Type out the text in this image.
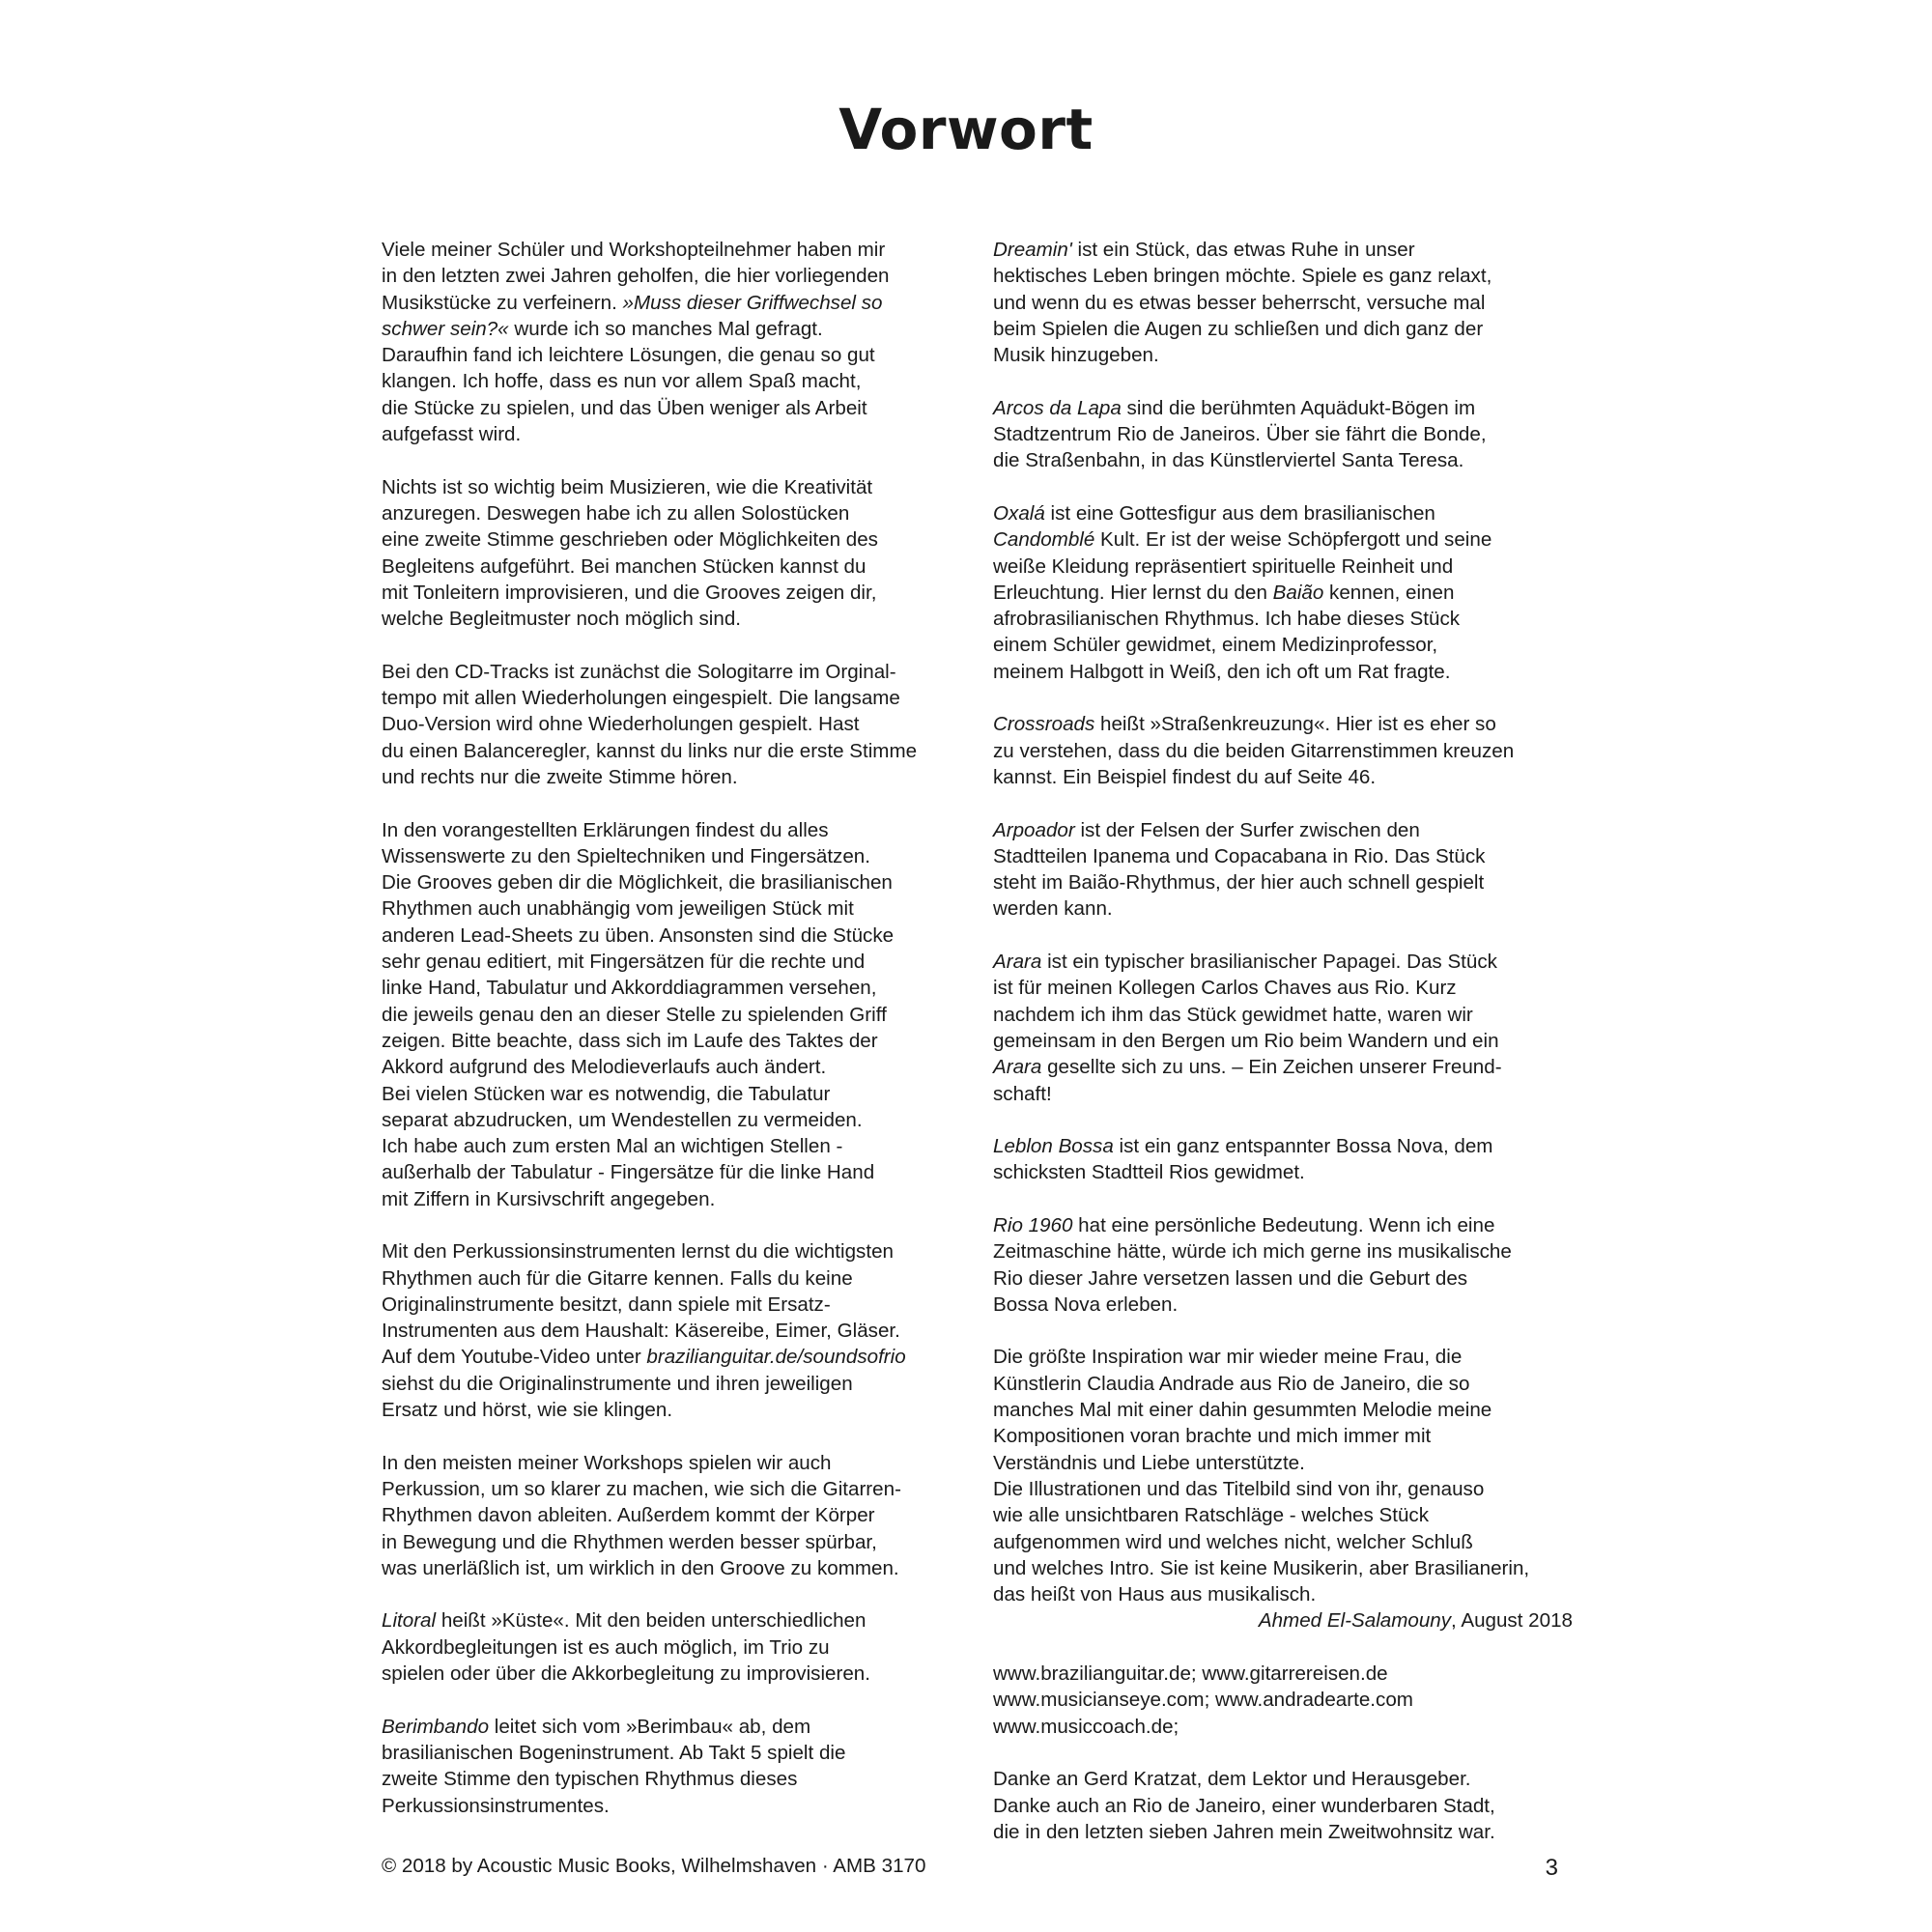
Vorwort

Viele meiner Schüler und Workshopteilnehmer haben mir
in den letzten zwei Jahren geholfen, die hier vorliegenden
Musikstücke zu verfeinern. »Muss dieser Griffwechsel so
schwer sein?« wurde ich so manches Mal gefragt.
Daraufhin fand ich leichtere Lösungen, die genau so gut
klangen. Ich hoffe, dass es nun vor allem Spaß macht,
die Stücke zu spielen, und das Üben weniger als Arbeit
aufgefasst wird.

Nichts ist so wichtig beim Musizieren, wie die Kreativität
anzuregen. Deswegen habe ich zu allen Solostücken
eine zweite Stimme geschrieben oder Möglichkeiten des
Begleitens aufgeführt. Bei manchen Stücken kannst du
mit Tonleitern improvisieren, und die Grooves zeigen dir,
welche Begleitmuster noch möglich sind.

Bei den CD-Tracks ist zunächst die Sologitarre im Orginal-
tempo mit allen Wiederholungen eingespielt. Die langsame
Duo-Version wird ohne Wiederholungen gespielt. Hast
du einen Balanceregler, kannst du links nur die erste Stimme
und rechts nur die zweite Stimme hören.

In den vorangestellten Erklärungen findest du alles
Wissenswerte zu den Spieltechniken und Fingersätzen.
Die Grooves geben dir die Möglichkeit, die brasilianischen
Rhythmen auch unabhängig vom jeweiligen Stück mit
anderen Lead-Sheets zu üben. Ansonsten sind die Stücke
sehr genau editiert, mit Fingersätzen für die rechte und
linke Hand, Tabulatur und Akkorddiagrammen versehen,
die jeweils genau den an dieser Stelle zu spielenden Griff
zeigen. Bitte beachte, dass sich im Laufe des Taktes der
Akkord aufgrund des Melodieverlaufs auch ändert.
Bei vielen Stücken war es notwendig, die Tabulatur
separat abzudrucken, um Wendestellen zu vermeiden.
Ich habe auch zum ersten Mal an wichtigen Stellen -
außerhalb der Tabulatur - Fingersätze für die linke Hand
mit Ziffern in Kursivschrift angegeben.

Mit den Perkussionsinstrumenten lernst du die wichtigsten
Rhythmen auch für die Gitarre kennen. Falls du keine
Originalinstrumente besitzt, dann spiele mit Ersatz-
Instrumenten aus dem Haushalt: Käsereibe, Eimer, Gläser.
Auf dem Youtube-Video unter brazilianguitar.de/soundsofrio
siehst du die Originalinstrumente und ihren jeweiligen
Ersatz und hörst, wie sie klingen.

In den meisten meiner Workshops spielen wir auch
Perkussion, um so klarer zu machen, wie sich die Gitarren-
Rhythmen davon ableiten. Außerdem kommt der Körper
in Bewegung und die Rhythmen werden besser spürbar,
was unerläßlich ist, um wirklich in den Groove zu kommen.

Litoral heißt »Küste«. Mit den beiden unterschiedlichen
Akkordbegleitungen ist es auch möglich, im Trio zu
spielen oder über die Akkorbegleitung zu improvisieren.

Berimbando leitet sich vom »Berimbau« ab, dem
brasilianischen Bogeninstrument. Ab Takt 5 spielt die
zweite Stimme den typischen Rhythmus dieses
Perkussionsinstrumentes.

Dreamin' ist ein Stück, das etwas Ruhe in unser
hektisches Leben bringen möchte. Spiele es ganz relaxt,
und wenn du es etwas besser beherrscht, versuche mal
beim Spielen die Augen zu schließen und dich ganz der
Musik hinzugeben.

Arcos da Lapa sind die berühmten Aquädukt-Bögen im
Stadtzentrum Rio de Janeiros. Über sie fährt die Bonde,
die Straßenbahn, in das Künstlerviertel Santa Teresa.

Oxalá ist eine Gottesfigur aus dem brasilianischen
Candomblé Kult. Er ist der weise Schöpfergott und seine
weiße Kleidung repräsentiert spirituelle Reinheit und
Erleuchtung. Hier lernst du den Baião kennen, einen
afrobrasilianischen Rhythmus. Ich habe dieses Stück
einem Schüler gewidmet, einem Medizinprofessor,
meinem Halbgott in Weiß, den ich oft um Rat fragte.

Crossroads heißt »Straßenkreuzung«. Hier ist es eher so
zu verstehen, dass du die beiden Gitarrenstimmen kreuzen
kannst. Ein Beispiel findest du auf Seite 46.

Arpoador ist der Felsen der Surfer zwischen den
Stadtteilen Ipanema und Copacabana in Rio. Das Stück
steht im Baião-Rhythmus, der hier auch schnell gespielt
werden kann.

Arara ist ein typischer brasilianischer Papagei. Das Stück
ist für meinen Kollegen Carlos Chaves aus Rio. Kurz
nachdem ich ihm das Stück gewidmet hatte, waren wir
gemeinsam in den Bergen um Rio beim Wandern und ein
Arara gesellte sich zu uns. – Ein Zeichen unserer Freund-
schaft!

Leblon Bossa ist ein ganz entspannter Bossa Nova, dem
schicksten Stadtteil Rios gewidmet.

Rio 1960 hat eine persönliche Bedeutung. Wenn ich eine
Zeitmaschine hätte, würde ich mich gerne ins musikalische
Rio dieser Jahre versetzen lassen und die Geburt des
Bossa Nova erleben.

Die größte Inspiration war mir wieder meine Frau, die
Künstlerin Claudia Andrade aus Rio de Janeiro, die so
manches Mal mit einer dahin gesummten Melodie meine
Kompositionen voran brachte und mich immer mit
Verständnis und Liebe unterstützte.
Die Illustrationen und das Titelbild sind von ihr, genauso
wie alle unsichtbaren Ratschläge - welches Stück
aufgenommen wird und welches nicht, welcher Schluß
und welches Intro. Sie ist keine Musikerin, aber Brasilianerin,
das heißt von Haus aus musikalisch.

Ahmed El-Salamouny, August 2018

www.brazilianguitar.de; www.gitarrereisen.de
www.musicianseye.com; www.andradearte.com
www.musiccoach.de;

Danke an Gerd Kratzat, dem Lektor und Herausgeber.
Danke auch an Rio de Janeiro, einer wunderbaren Stadt,
die in den letzten sieben Jahren mein Zweitwohnsitz war.

© 2018 by Acoustic Music Books, Wilhelmshaven · AMB 3170	3
